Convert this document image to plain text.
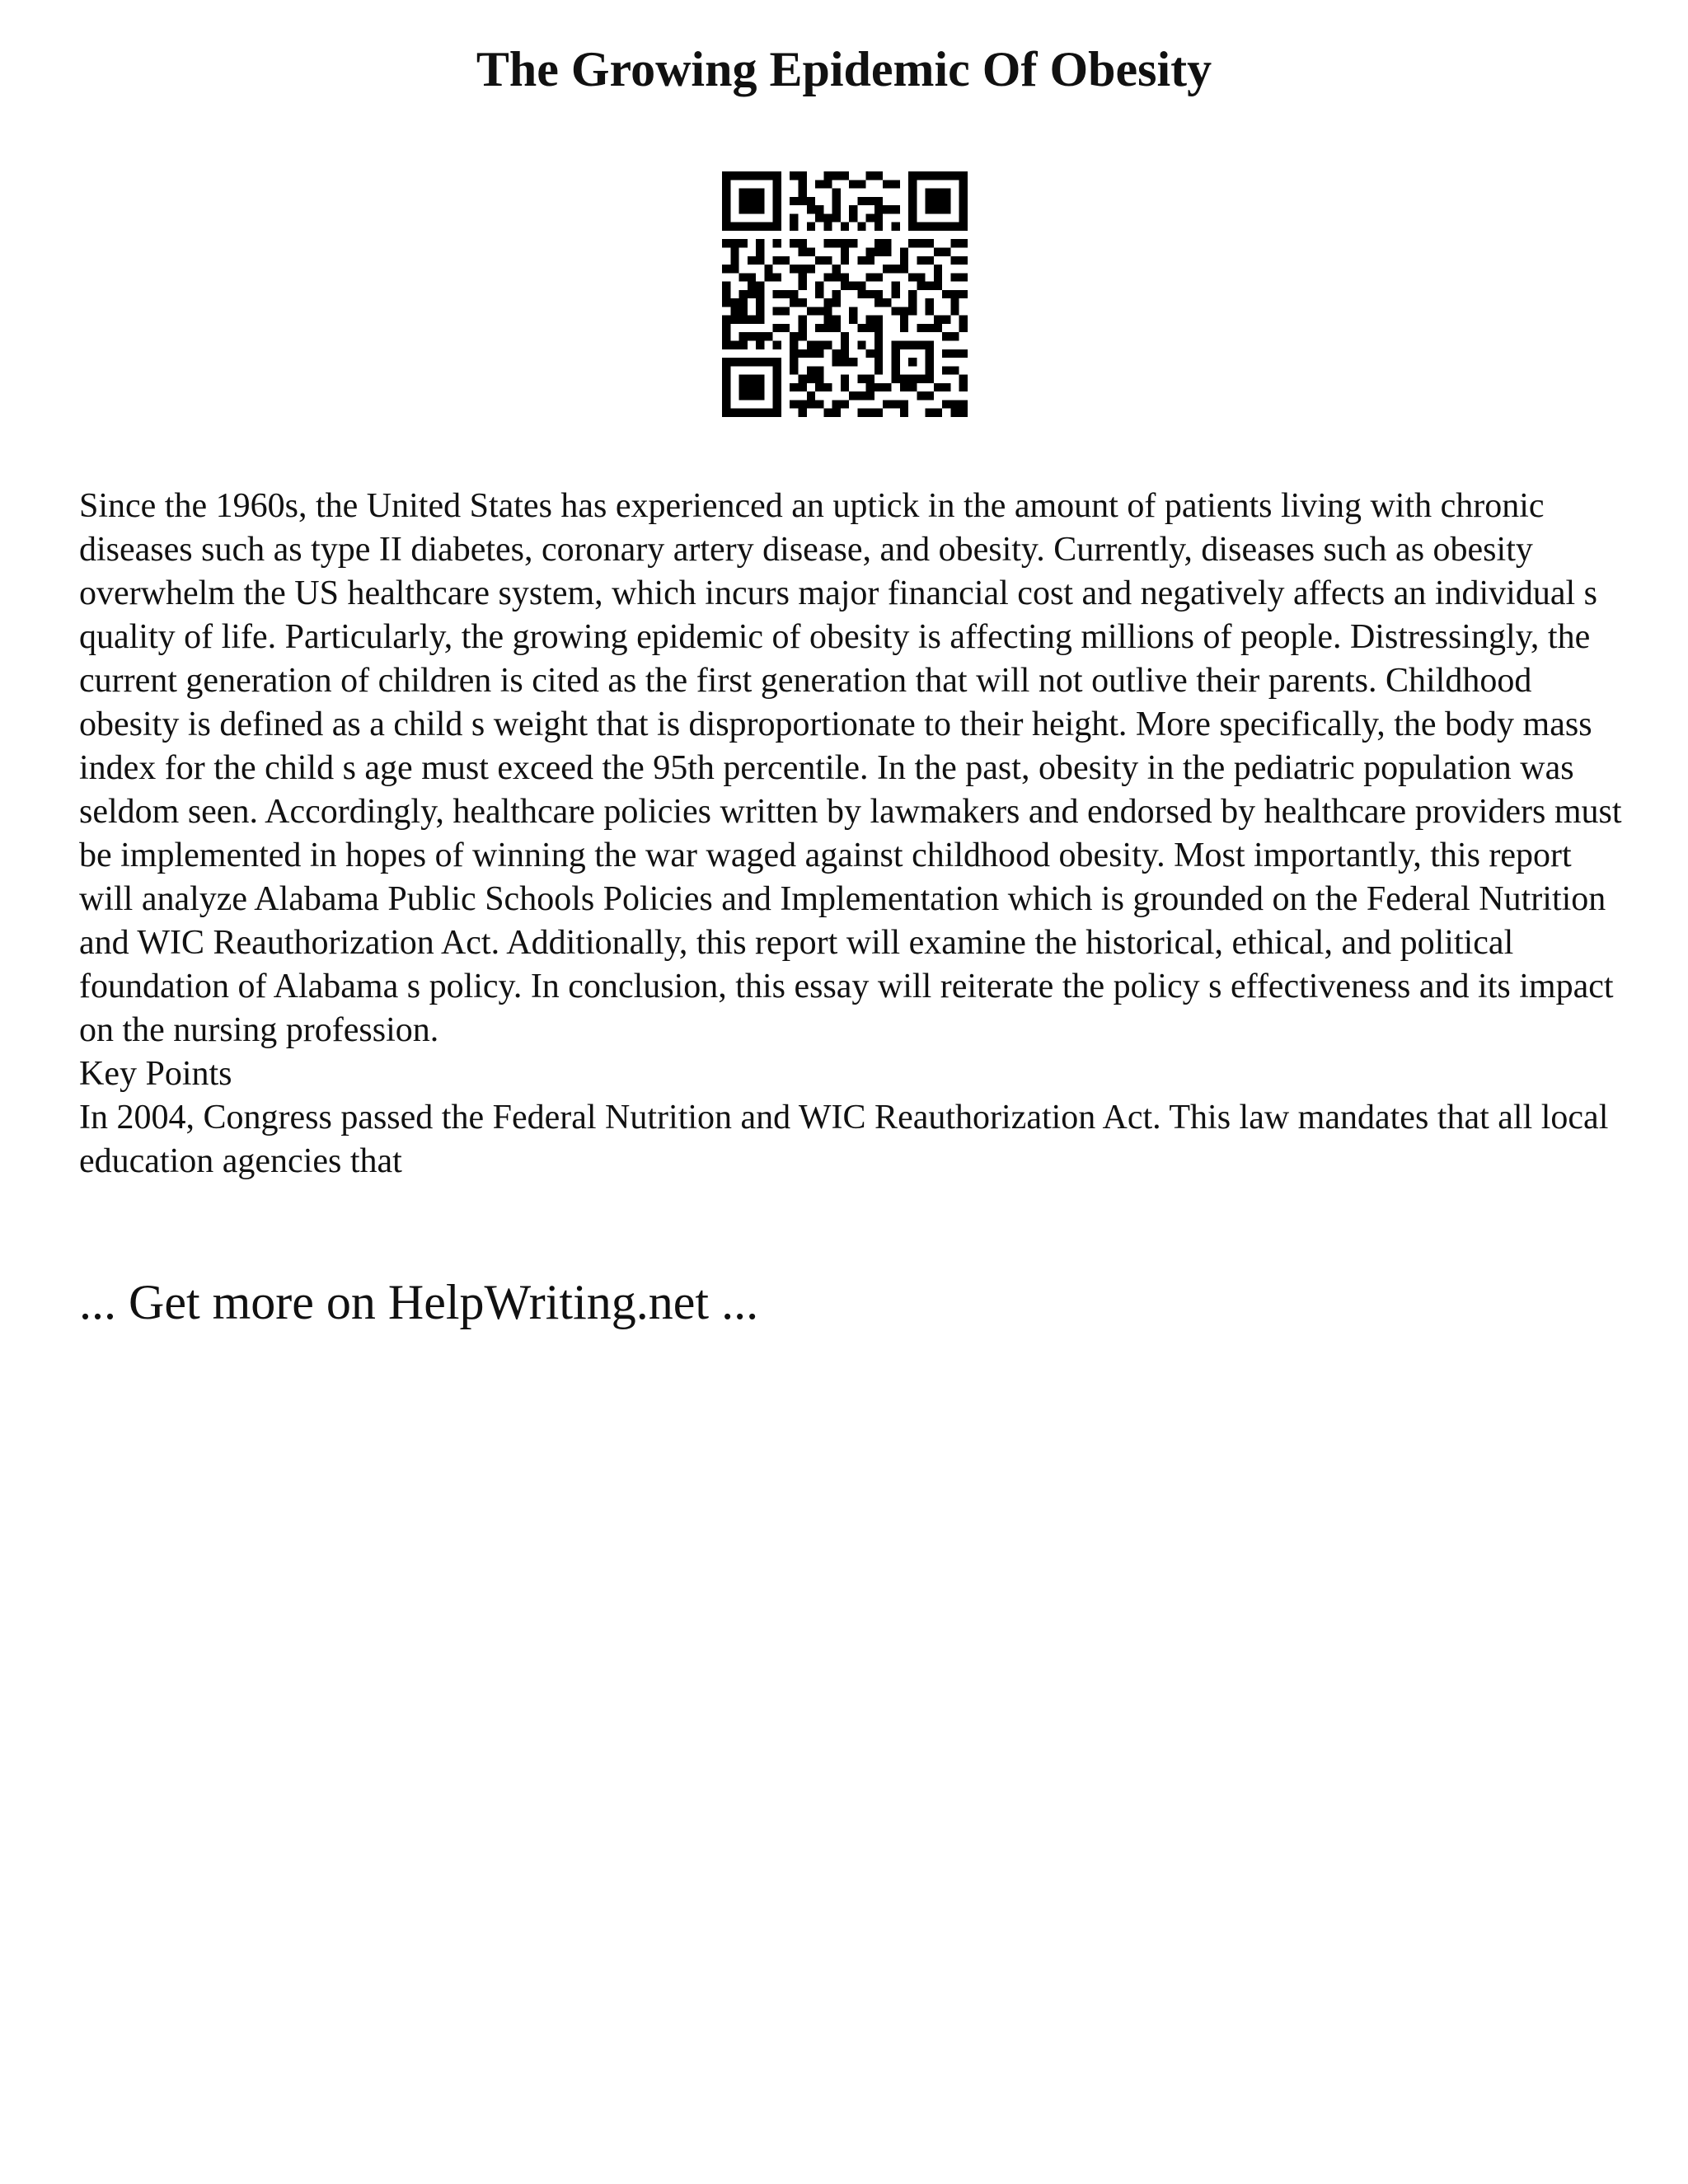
The Growing Epidemic Of Obesity

Since the 1960s, the United States has experienced an uptick in the amount of patients living with chronic diseases such as type II diabetes, coronary artery disease, and obesity. Currently, diseases such as obesity overwhelm the US healthcare system, which incurs major financial cost and negatively affects an individual s quality of life. Particularly, the growing epidemic of obesity is affecting millions of people. Distressingly, the current generation of children is cited as the first generation that will not outlive their parents. Childhood obesity is defined as a child s weight that is disproportionate to their height. More specifically, the body mass index for the child s age must exceed the 95th percentile. In the past, obesity in the pediatric population was seldom seen. Accordingly, healthcare policies written by lawmakers and endorsed by healthcare providers must be implemented in hopes of winning the war waged against childhood obesity. Most importantly, this report will analyze Alabama Public Schools Policies and Implementation which is grounded on the Federal Nutrition and WIC Reauthorization Act. Additionally, this report will examine the historical, ethical, and political foundation of Alabama s policy. In conclusion, this essay will reiterate the policy s effectiveness and its impact on the nursing profession.

Key Points

In 2004, Congress passed the Federal Nutrition and WIC Reauthorization Act. This law mandates that all local education agencies that

... Get more on HelpWriting.net ...
